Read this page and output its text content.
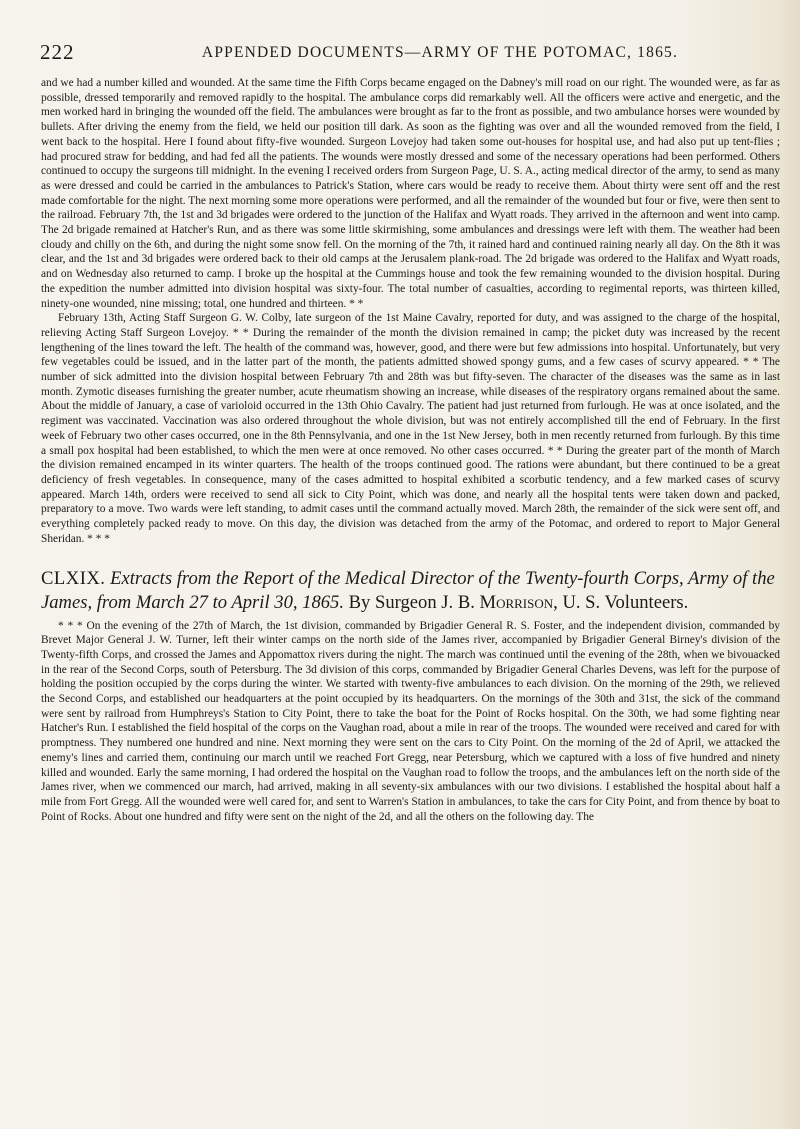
222	APPENDED DOCUMENTS—ARMY OF THE POTOMAC, 1865.

and we had a number killed and wounded. At the same time the Fifth Corps became engaged on the Dabney's mill road on our right. The wounded were, as far as possible, dressed temporarily and removed rapidly to the hospital. The ambulance corps did remarkably well. All the officers were active and energetic, and the men worked hard in bringing the wounded off the field. The ambulances were brought as far to the front as possible, and two ambulance horses were wounded by bullets. After driving the enemy from the field, we held our position till dark. As soon as the fighting was over and all the wounded removed from the field, I went back to the hospital. Here I found about fifty-five wounded. Surgeon Lovejoy had taken some out-houses for hospital use, and had also put up tent-flies ; had procured straw for bedding, and had fed all the patients. The wounds were mostly dressed and some of the necessary operations had been performed. Others continued to occupy the surgeons till midnight. In the evening I received orders from Surgeon Page, U. S. A., acting medical director of the army, to send as many as were dressed and could be carried in the ambulances to Patrick's Station, where cars would be ready to receive them. About thirty were sent off and the rest made comfortable for the night. The next morning some more operations were performed, and all the remainder of the wounded but four or five, were then sent to the railroad. February 7th, the 1st and 3d brigades were ordered to the junction of the Halifax and Wyatt roads. They arrived in the afternoon and went into camp. The 2d brigade remained at Hatcher's Run, and as there was some little skirmishing, some ambulances and dressings were left with them. The weather had been cloudy and chilly on the 6th, and during the night some snow fell. On the morning of the 7th, it rained hard and continued raining nearly all day. On the 8th it was clear, and the 1st and 3d brigades were ordered back to their old camps at the Jerusalem plank-road. The 2d brigade was ordered to the Halifax and Wyatt roads, and on Wednesday also returned to camp. I broke up the hospital at the Cummings house and took the few remaining wounded to the division hospital. During the expedition the number admitted into division hospital was sixty-four. The total number of casualties, according to regimental reports, was thirteen killed, ninety-one wounded, nine missing; total, one hundred and thirteen. * *

February 13th, Acting Staff Surgeon G. W. Colby, late surgeon of the 1st Maine Cavalry, reported for duty, and was assigned to the charge of the hospital, relieving Acting Staff Surgeon Lovejoy. * * During the remainder of the month the division remained in camp; the picket duty was increased by the recent lengthening of the lines toward the left. The health of the command was, however, good, and there were but few admissions into hospital. Unfortunately, but very few vegetables could be issued, and in the latter part of the month, the patients admitted showed spongy gums, and a few cases of scurvy appeared. * * The number of sick admitted into the division hospital between February 7th and 28th was but fifty-seven. The character of the diseases was the same as in last month. Zymotic diseases furnishing the greater number, acute rheumatism showing an increase, while diseases of the respiratory organs remained about the same. About the middle of January, a case of varioloid occurred in the 13th Ohio Cavalry. The patient had just returned from furlough. He was at once isolated, and the regiment was vaccinated. Vaccination was also ordered throughout the whole division, but was not entirely accomplished till the end of February. In the first week of February two other cases occurred, one in the 8th Pennsylvania, and one in the 1st New Jersey, both in men recently returned from furlough. By this time a small pox hospital had been established, to which the men were at once removed. No other cases occurred. * * During the greater part of the month of March the division remained encamped in its winter quarters. The health of the troops continued good. The rations were abundant, but there continued to be a great deficiency of fresh vegetables. In consequence, many of the cases admitted to hospital exhibited a scorbutic tendency, and a few marked cases of scurvy appeared. March 14th, orders were received to send all sick to City Point, which was done, and nearly all the hospital tents were taken down and packed, preparatory to a move. Two wards were left standing, to admit cases until the command actually moved. March 28th, the remainder of the sick were sent off, and everything completely packed ready to move. On this day, the division was detached from the army of the Potomac, and ordered to report to Major General Sheridan. * * *

CLXIX. Extracts from the Report of the Medical Director of the Twenty-fourth Corps, Army of the James, from March 27 to April 30, 1865. By Surgeon J. B. Morrison, U. S. Volunteers.

* * * On the evening of the 27th of March, the 1st division, commanded by Brigadier General R. S. Foster, and the independent division, commanded by Brevet Major General J. W. Turner, left their winter camps on the north side of the James river, accompanied by Brigadier General Birney's division of the Twenty-fifth Corps, and crossed the James and Appomattox rivers during the night. The march was continued until the evening of the 28th, when we bivouacked in the rear of the Second Corps, south of Petersburg. The 3d division of this corps, commanded by Brigadier General Charles Devens, was left for the purpose of holding the position occupied by the corps during the winter. We started with twenty-five ambulances to each division. On the morning of the 29th, we relieved the Second Corps, and established our headquarters at the point occupied by its headquarters. On the mornings of the 30th and 31st, the sick of the command were sent by railroad from Humphreys's Station to City Point, there to take the boat for the Point of Rocks hospital. On the 30th, we had some fighting near Hatcher's Run. I established the field hospital of the corps on the Vaughan road, about a mile in rear of the troops. The wounded were received and cared for with promptness. They numbered one hundred and nine. Next morning they were sent on the cars to City Point. On the morning of the 2d of April, we attacked the enemy's lines and carried them, continuing our march until we reached Fort Gregg, near Petersburg, which we captured with a loss of five hundred and ninety killed and wounded. Early the same morning, I had ordered the hospital on the Vaughan road to follow the troops, and the ambulances left on the north side of the James river, when we commenced our march, had arrived, making in all seventy-six ambulances with our two divisions. I established the hospital about half a mile from Fort Gregg. All the wounded were well cared for, and sent to Warren's Station in ambulances, to take the cars for City Point, and from thence by boat to Point of Rocks. About one hundred and fifty were sent on the night of the 2d, and all the others on the following day. The
